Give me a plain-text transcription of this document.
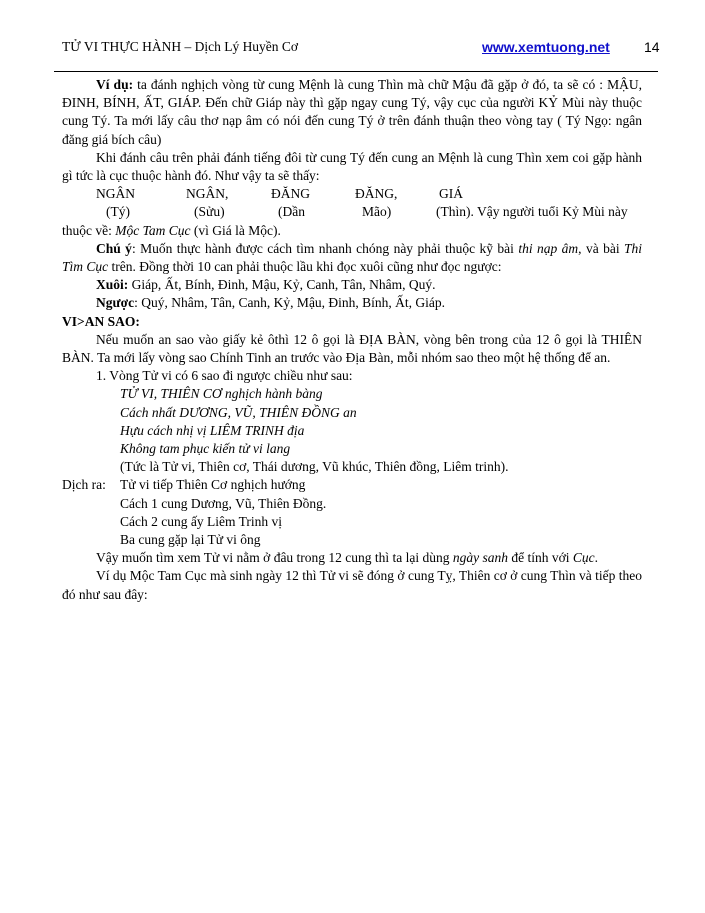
TỬ VI THỰC HÀNH – Dịch Lý Huyền Cơ	www.xemtuong.net 14

Ví dụ: ta đánh nghịch vòng từ cung Mệnh là cung Thìn mà chữ Mậu đã gặp ở đó, ta sẽ có : MẬU, ĐINH, BÍNH, ẤT, GIÁP. Đến chữ Giáp này thì gặp ngay cung Tý, vậy cục của người KỶ Mùi này thuộc cung Tý. Ta mới lấy câu thơ nạp âm có nói đến cung Tý ở trên đánh thuận theo vòng tay ( Tý Ngọ: ngân đăng giá bích câu)

Khi đánh câu trên phải đánh tiếng đôi từ cung Tý đến cung an Mệnh là cung Thìn xem coi gặp hành gì tức là cục thuộc hành đó. Như vậy ta sẽ thấy:

NGÂN	NGÂN,	ĐĂNG	ĐĂNG,	GIÁ
(Tý)	(Sửu)	(Dần	Mão)	(Thìn). Vậy người tuổi Kỷ Mùi này

thuộc về: Mộc Tam Cục (vì Giá là Mộc).

Chú ý: Muốn thực hành được cách tìm nhanh chóng này phải thuộc kỹ bài thi nạp âm, và bài Thi Tìm Cục trên. Đồng thời 10 can phải thuộc lầu khi đọc xuôi cũng như đọc ngược:

Xuôi: Giáp, Ất, Bính, Đinh, Mậu, Kỷ, Canh, Tân, Nhâm, Quý.

Ngược: Quý, Nhâm, Tân, Canh, Kỷ, Mậu, Đinh, Bính, Ất, Giáp.

VI>AN SAO:

Nếu muốn an sao vào giấy kẻ ôthì 12 ô gọi là ĐỊA BÀN, vòng bên trong của 12 ô gọi là THIÊN BÀN. Ta mới lấy vòng sao Chính Tinh an trước vào Địa Bàn, mỗi nhóm sao theo một hệ thống để an.

1. Vòng Tử vi có 6 sao đi ngược chiều như sau:

TỬ VI, THIÊN CƠ nghịch hành bàng

Cách nhất DƯƠNG, VŨ, THIÊN ĐỒNG an

Hựu cách nhị vị LIÊM TRINH địa

Không tam phục kiến tử vi lang

(Tức là Tử vi, Thiên cơ, Thái dương, Vũ khúc, Thiên đồng, Liêm trinh).

Dịch ra: Tử vi tiếp Thiên Cơ nghịch hướng

Cách 1 cung Dương, Vũ, Thiên Đồng.

Cách 2 cung ấy Liêm Trinh vị

Ba cung gặp lại Tử vi ông

Vậy muốn tìm xem Tử vi nằm ở đâu trong 12 cung thì ta lại dùng ngày sanh để tính với Cục.

Ví dụ Mộc Tam Cục mà sinh ngày 12 thì Tử vi sẽ đóng ở cung Tỵ, Thiên cơ ở cung Thìn và tiếp theo đó như sau đây:
